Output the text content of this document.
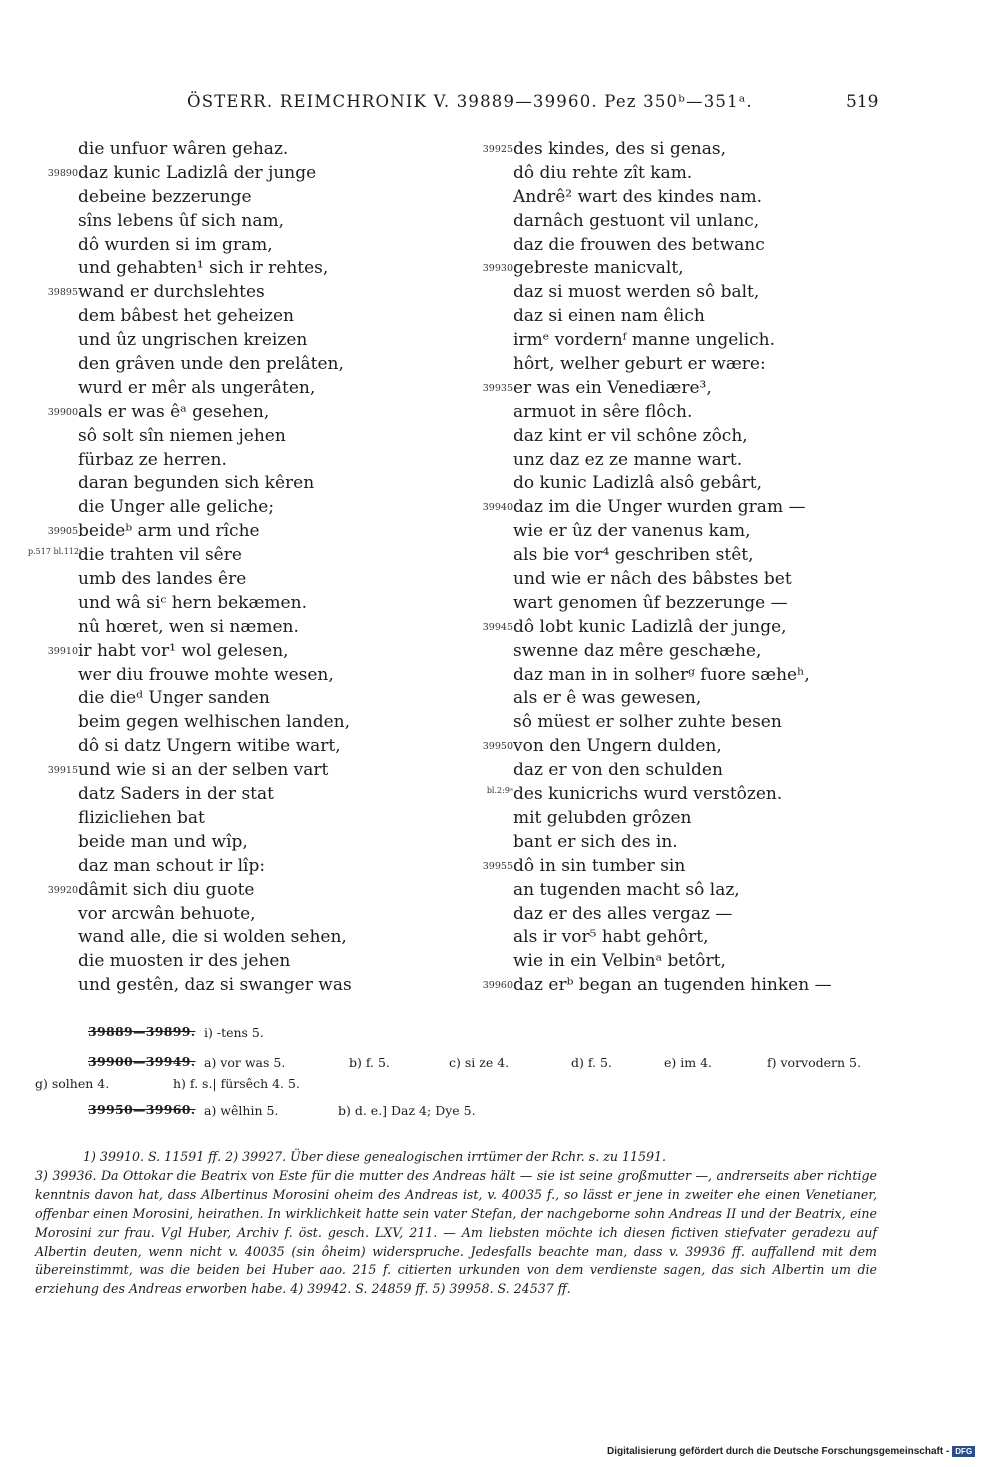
ÖSTERR. REIMCHRONIK V. 39889—39960. Pez 350ᵇ—351ᵃ.	519
die unfuor wâren gehaz.
39890 daz kunic Ladizlâ der junge
debeine bezzerunge
sîns lebens ûf sich nam,
dô wurden si im gram,
und gehabten¹ sich ir rehtes,
39895 wand er durchslehtes
dem bâbest het geheizen
und ûz ungrischen kreizen
den grâven unde den prelâten,
wurd er mêr als ungerâten,
39900 als er was êᵃ gesehen,
sô solt sîn niemen jehen
fürbaz ze herren.
daran begunden sich kêren
die Unger alle geliche;
39905 beideᵇ arm und rîche
p.517 bl.112ᵃ
die trahten vil sêre
umb des landes êre
und wâ siᶜ hern bekæmen.
nû hœret, wen si næmen.
39910 ir habt vor¹ wol gelesen,
wer diu frouwe mohte wesen,
die dieᵈ Unger sanden
beim gegen welhischen landen,
dô si datz Ungern witibe wart,
39915 und wie si an der selben vart
datz Saders in der stat
flizicliehen bat
beide man und wîp,
daz man schout ir lîp:
39920 dâmit sich diu guote
vor arcwân behuote,
wand alle, die si wolden sehen,
die muosten ir des jehen
und gestên, daz si swanger was
39925 des kindes, des si genas,
dô diu rehte zît kam.
Andrê² wart des kindes nam.
darnâch gestuont vil unlanc,
daz die frouwen des betwanc
39930 gebreste manicvalt,
daz si muost werden sô balt,
daz si einen nam êlich
irmᵉ vordernᶠ manne ungelich.
hôrt, welher geburt er wære:
39935 er was ein Venediære³,
armuot in sêre flôch.
daz kint er vil schône zôch,
unz daz ez ze manne wart.
do kunic Ladizlâ alsô gebârt,
39940 daz im die Unger wurden gram —
wie er ûz der vanenus kam,
als bie vor⁴ geschriben stêt,
und wie er nâch des bâbstes bet
wart genomen ûf bezzerunge —
39945 dô lobt kunic Ladizlâ der junge,
swenne daz mêre geschæhe,
daz man in in solherᵍ fuore sæheʰ,
als er ê was gewesen,
sô müest er solher zuhte besen
39950 von den Ungern dulden,
daz er von den schulden
bl.2:9ᵃ des kunicrichs wurd verstôzen.
mit gelubden grôzen
bant er sich des in.
39955 dô in sin tumber sin
an tugenden macht sô laz,
daz er des alles vergaz —
als ir vor⁵ habt gehôrt,
wie in ein Velbinᵃ betôrt,
39960 daz erᵇ began an tugenden hinken —
39889—39899. i) -tens 5.
39900—39949. a) vor was 5.	b) f. 5.	c) si ze 4.	d) f. 5.	e) im 4.	f) vorvodern 5.
g) solhen 4.	h) f. s.| fürsêch 4. 5.
39950—39960. a) wêlhin 5.	b) d. e.] Daz 4; Dye 5.

1) 39910. S. 11591 ff. 2) 39927. Über diese genealogischen irrtümer der Rchr. s. zu 11591.

3) 39936. Da Ottokar die Beatrix von Este für die mutter des Andreas hält — sie ist seine großmutter —, andrerseits aber richtige kenntnis davon hat, dass Albertinus Morosini oheim des Andreas ist, v. 40035 f., so lässt er jene in zweiter ehe einen Venetianer, offenbar einen Morosini, heirathen. In wirklichkeit hatte sein vater Stefan, der nachgeborne sohn Andreas II und der Beatrix, eine Morosini zur frau. Vgl Huber, Archiv f. öst. gesch. LXV, 211. — Am liebsten möchte ich diesen fictiven stiefvater geradezu auf Albertin deuten, wenn nicht v. 40035 (sin ôheim) widerspruche. Jedesfalls beachte man, dass v. 39936 ff. auffallend mit dem übereinstimmt, was die beiden bei Huber aao. 215 f. citierten urkunden von dem verdienste sagen, das sich Albertin um die erziehung des Andreas erworben habe. 4) 39942. S. 24859 ff. 5) 39958. S. 24537 ff.

Digitalisierung gefördert durch die Deutsche Forschungsgemeinschaft - DFG
